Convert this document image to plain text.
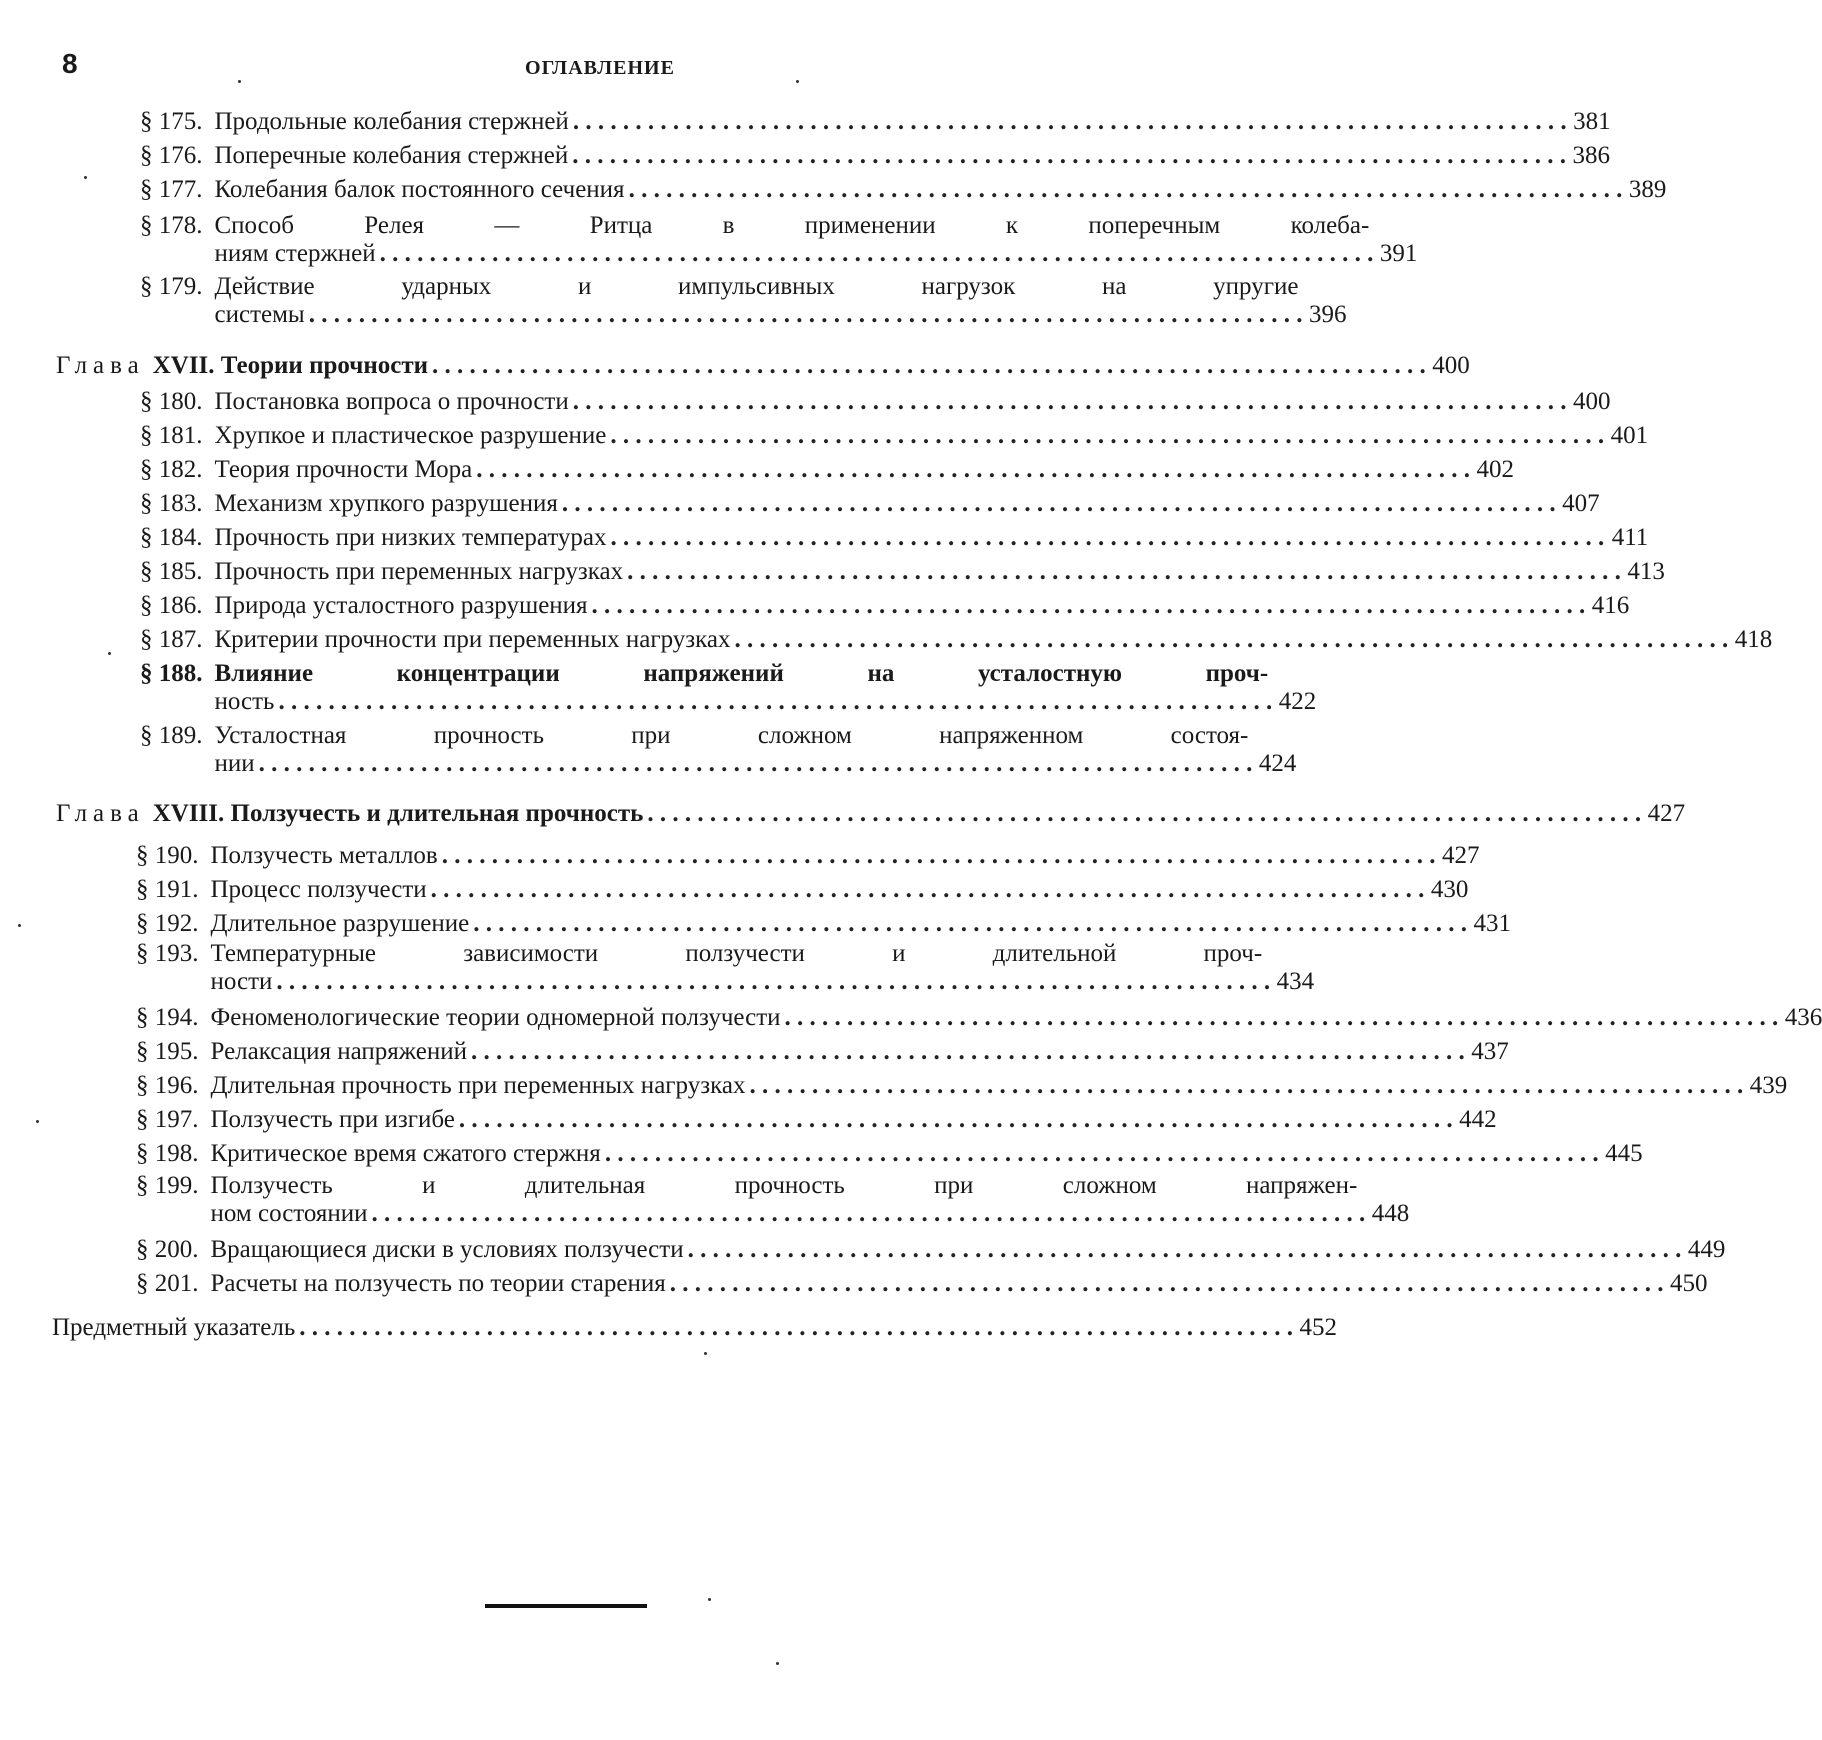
8	ОГЛАВЛЕНИЕ
§ 175. Продольные колебания стержней . . .	381
§ 176. Поперечные колебания стержней . . .	386
§ 177. Колебания балок постоянного сечения . . .	389
§ 178. Способ Релея — Ритца в применении к поперечным колеба-
ниям стержней . . .	391
§ 179. Действие ударных и импульсивных нагрузок на упругие
системы . . .	396
Глава XVII. Теории прочности . . .	400
§ 180. Постановка вопроса о прочности . . .	400
§ 181. Хрупкое и пластическое разрушение . . .	401
§ 182. Теория прочности Мора . . .	402
§ 183. Механизм хрупкого разрушения . . .	407
§ 184. Прочность при низких температурах . . .	411
§ 185. Прочность при переменных нагрузках . . .	413
§ 186. Природа усталостного разрушения . . .	416
§ 187. Критерии прочности при переменных нагрузках . . .	418
§ 188. Влияние концентрации напряжений на усталостную проч-
ность . . .	422
§ 189. Усталостная прочность при сложном напряженном состоя-
нии . . .	424
Глава XVIII. Ползучесть и длительная прочность . . .	427
§ 190. Ползучесть металлов . . .	427
§ 191. Процесс ползучести . . .	430
§ 192. Длительное разрушение . . .	431
§ 193. Температурные зависимости ползучести и длительной проч-
ности . . .	434
§ 194. Феноменологические теории одномерной ползучести . . .	436
§ 195. Релаксация напряжений . . .	437
§ 196. Длительная прочность при переменных нагрузках . . .	439
§ 197. Ползучесть при изгибе . . .	442
§ 198. Критическое время сжатого стержня . . .	445
§ 199. Ползучесть и длительная прочность при сложном напряжен-
ном состоянии . . .	448
§ 200. Вращающиеся диски в условиях ползучести . . .	449
§ 201. Расчеты на ползучесть по теории старения . . .	450
Предметный указатель . . .	452
